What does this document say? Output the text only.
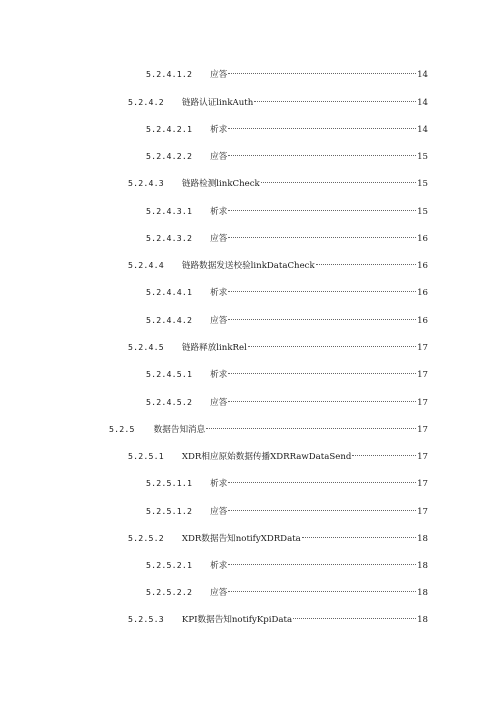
5.2.4.1.2 应答	14
5.2.4.2 链路认证linkAuth	14
5.2.4.2.1 析求	14
5.2.4.2.2 应答	15
5.2.4.3 链路检测linkCheck	15
5.2.4.3.1 析求	15
5.2.4.3.2 应答	16
5.2.4.4 链路数据发送校验linkDataCheck	16
5.2.4.4.1 析求	16
5.2.4.4.2 应答	16
5.2.4.5 链路释放linkRel	17
5.2.4.5.1 析求	17
5.2.4.5.2 应答	17
5.2.5 数据告知消息	17
5.2.5.1 XDR相应原始数据传播XDRRawDataSend	17
5.2.5.1.1 析求	17
5.2.5.1.2 应答	17
5.2.5.2 XDR数据告知notifyXDRData	18
5.2.5.2.1 析求	18
5.2.5.2.2 应答	18
5.2.5.3 KPI数据告知notifyKpiData	18
